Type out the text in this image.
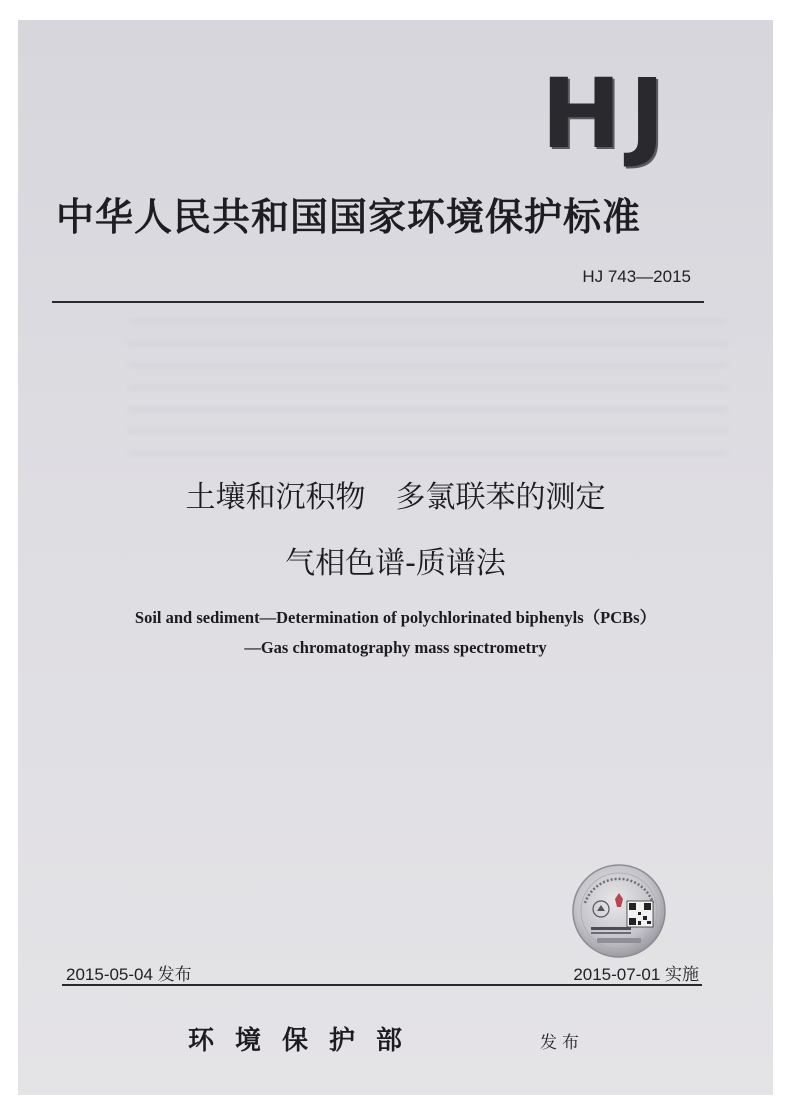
HJ
中华人民共和国国家环境保护标准
HJ 743—2015
土壤和沉积物　多氯联苯的测定
气相色谱-质谱法
Soil and sediment—Determination of polychlorinated biphenyls（PCBs）
—Gas chromatography mass spectrometry
2015-05-04 发布	2015-07-01 实施
环境保护部	发布
